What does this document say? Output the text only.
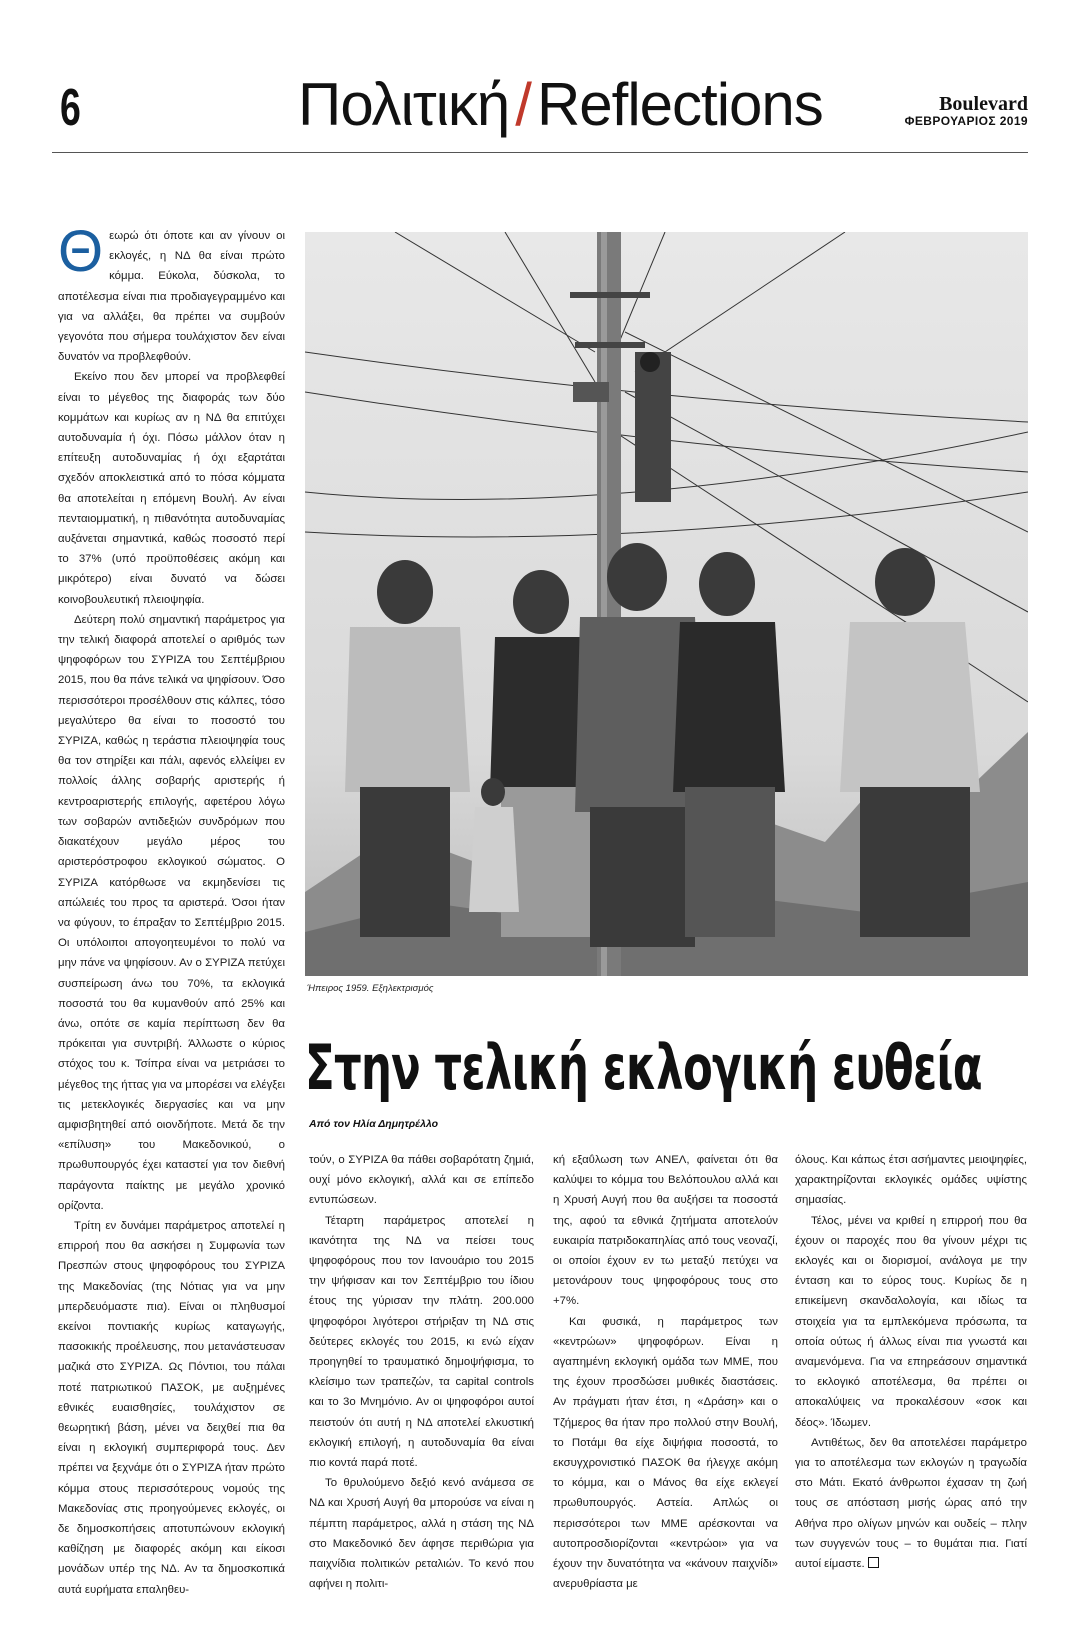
6	Πολιτική / Reflections	Boulevard
ΦΕΒΡΟΥΑΡΙΟΣ 2019

Θεωρώ ότι όποτε και αν γίνουν οι εκλογές, η ΝΔ θα είναι πρώτο κόμμα. Εύκολα, δύσκολα, το αποτέλεσμα είναι πια προδιαγεγραμμένο και για να αλλάξει, θα πρέπει να συμβούν γεγονότα που σήμερα τουλάχιστον δεν είναι δυνατόν να προβλεφθούν.

Εκείνο που δεν μπορεί να προβλεφθεί είναι το μέγεθος της διαφοράς των δύο κομμάτων και κυρίως αν η ΝΔ θα επιτύχει αυτοδυναμία ή όχι. Πόσω μάλλον όταν η επίτευξη αυτοδυναμίας ή όχι εξαρτάται σχεδόν αποκλειστικά από το πόσα κόμματα θα αποτελείται η επόμενη Βουλή. Αν είναι πενταιομματική, η πιθανότητα αυτοδυναμίας αυξάνεται σημαντικά, καθώς ποσοστό περί το 37% (υπό προϋποθέσεις ακόμη και μικρότερο) είναι δυνατό να δώσει κοινοβουλευτική πλειοψηφία.

Δεύτερη πολύ σημαντική παράμετρος για την τελική διαφορά αποτελεί ο αριθμός των ψηφοφόρων του ΣΥΡΙΖΑ του Σεπτέμβριου 2015, που θα πάνε τελικά να ψηφίσουν. Όσο περισσότεροι προσέλθουν στις κάλπες, τόσο μεγαλύτερο θα είναι το ποσοστό του ΣΥΡΙΖΑ, καθώς η τεράστια πλειοψηφία τους θα τον στηρίξει και πάλι, αφενός ελλείψει εν πολλοίς άλλης σοβαρής αριστερής ή κεντροαριστερής επιλογής, αφετέρου λόγω των σοβαρών αντιδεξιών συνδρόμων που διακατέχουν μεγάλο μέρος του αριστερόστροφου εκλογικού σώματος. Ο ΣΥΡΙΖΑ κατόρθωσε να εκμηδενίσει τις απώλειές του προς τα αριστερά. Όσοι ήταν να φύγουν, το έπραξαν το Σεπτέμβριο 2015. Οι υπόλοιποι απογοητευμένοι το πολύ να μην πάνε να ψηφίσουν. Αν ο ΣΥΡΙΖΑ πετύχει συσπείρωση άνω του 70%, τα εκλογικά ποσοστά του θα κυμανθούν από 25% και άνω, οπότε σε καμία περίπτωση δεν θα πρόκειται για συντριβή. Άλλωστε ο κύριος στόχος του κ. Τσίπρα είναι να μετριάσει το μέγεθος της ήττας για να μπορέσει να ελέγξει τις μετεκλογικές διεργασίες και να μην αμφισβητηθεί από οιονδήποτε. Μετά δε την «επίλυση» του Μακεδονικού, ο πρωθυπουργός έχει καταστεί για τον διεθνή παράγοντα παίκτης με μεγάλο χρονικό ορίζοντα.

Τρίτη εν δυνάμει παράμετρος αποτελεί η επιρροή που θα ασκήσει η Συμφωνία των Πρεσπών στους ψηφοφόρους του ΣΥΡΙΖΑ της Μακεδονίας (της Νότιας για να μην μπερδευόμαστε πια). Είναι οι πληθυσμοί εκείνοι ποντιακής κυρίως καταγωγής, πασοκικής προέλευσης, που μετανάστευσαν μαζικά στο ΣΥΡΙΖΑ. Ως Πόντιοι, του πάλαι ποτέ πατριωτικού ΠΑΣΟΚ, με αυξημένες εθνικές ευαισθησίες, τουλάχιστον σε θεωρητική βάση, μένει να δειχθεί πια θα είναι η εκλογική συμπεριφορά τους. Δεν πρέπει να ξεχνάμε ότι ο ΣΥΡΙΖΑ ήταν πρώτο κόμμα στους περισσότερους νομούς της Μακεδονίας στις προηγούμενες εκλογές, οι δε δημοσκοπήσεις αποτυπώνουν εκλογική καθίζηση με διαφορές ακόμη και είκοσι μονάδων υπέρ της ΝΔ. Αν τα δημοσκοπικά αυτά ευρήματα επαληθευ-

Ήπειρος 1959. Εξηλεκτρισμός
Στην τελική εκλογική ευθεία
Από τον Ηλία Δημητρέλλο

τούν, ο ΣΥΡΙΖΑ θα πάθει σοβαρότατη ζημιά, ουχί μόνο εκλογική, αλλά και σε επίπεδο εντυπώσεων.

Τέταρτη παράμετρος αποτελεί η ικανότητα της ΝΔ να πείσει τους ψηφοφόρους που τον Ιανουάριο του 2015 την ψήφισαν και τον Σεπτέμβριο του ίδιου έτους της γύρισαν την πλάτη. 200.000 ψηφοφόροι λιγότεροι στήριξαν τη ΝΔ στις δεύτερες εκλογές του 2015, κι ενώ είχαν προηγηθεί το τραυματικό δημοψήφισμα, το κλείσιμο των τραπεζών, τα capital controls και το 3ο Μνημόνιο. Αν οι ψηφοφόροι αυτοί πειστούν ότι αυτή η ΝΔ αποτελεί ελκυστική εκλογική επιλογή, η αυτοδυναμία θα είναι πιο κοντά παρά ποτέ.

Το θρυλούμενο δεξιό κενό ανάμεσα σε ΝΔ και Χρυσή Αυγή θα μπορούσε να είναι η πέμπτη παράμετρος, αλλά η στάση της ΝΔ στο Μακεδονικό δεν άφησε περιθώρια για παιχνίδια πολιτικών ρεταλιών. Το κενό που αφήνει η πολιτι-

κή εξαΰλωση των ΑΝΕΛ, φαίνεται ότι θα καλύψει το κόμμα του Βελόπουλου αλλά και η Χρυσή Αυγή που θα αυξήσει τα ποσοστά της, αφού τα εθνικά ζητήματα αποτελούν ευκαιρία πατριδοκαπηλίας από τους νεοναζί, οι οποίοι έχουν εν τω μεταξύ πετύχει να μετονάρουν τους ψηφοφόρους τους στο +7%.

Και φυσικά, η παράμετρος των «κεντρώων» ψηφοφόρων. Είναι η αγαπημένη εκλογική ομάδα των ΜΜΕ, που της έχουν προσδώσει μυθικές διαστάσεις. Αν πράγματι ήταν έτσι, η «Δράση» και ο Τζήμερος θα ήταν προ πολλού στην Βουλή, το Ποτάμι θα είχε διψήφια ποσοστά, το εκσυγχρονιστικό ΠΑΣΟΚ θα ήλεγχε ακόμη το κόμμα, και ο Μάνος θα είχε εκλεγεί πρωθυπουργός. Αστεία. Απλώς οι περισσότεροι των ΜΜΕ αρέσκονται να αυτοπροσδιορίζονται «κεντρώοι» για να έχουν την δυνατότητα να «κάνουν παιχνίδι» ανερυθρίαστα με

όλους. Και κάπως έτσι ασήμαντες μειοψηφίες, χαρακτηρίζονται εκλογικές ομάδες υψίστης σημασίας.

Τέλος, μένει να κριθεί η επιρροή που θα έχουν οι παροχές που θα γίνουν μέχρι τις εκλογές και οι διορισμοί, ανάλογα με την ένταση και το εύρος τους. Κυρίως δε η επικείμενη σκανδαλολογία, και ιδίως τα στοιχεία για τα εμπλεκόμενα πρόσωπα, τα οποία ούτως ή άλλως είναι πια γνωστά και αναμενόμενα. Για να επηρεάσουν σημαντικά το εκλογικό αποτέλεσμα, θα πρέπει οι αποκαλύψεις να προκαλέσουν «σοκ και δέος». Ίδωμεν.

Αντιθέτως, δεν θα αποτελέσει παράμετρο για το αποτέλεσμα των εκλογών η τραγωδία στο Μάτι. Εκατό άνθρωποι έχασαν τη ζωή τους σε απόσταση μισής ώρας από την Αθήνα προ ολίγων μηνών και ουδείς – πλην των συγγενών τους – το θυμάται πια. Γιατί αυτοί είμαστε.
